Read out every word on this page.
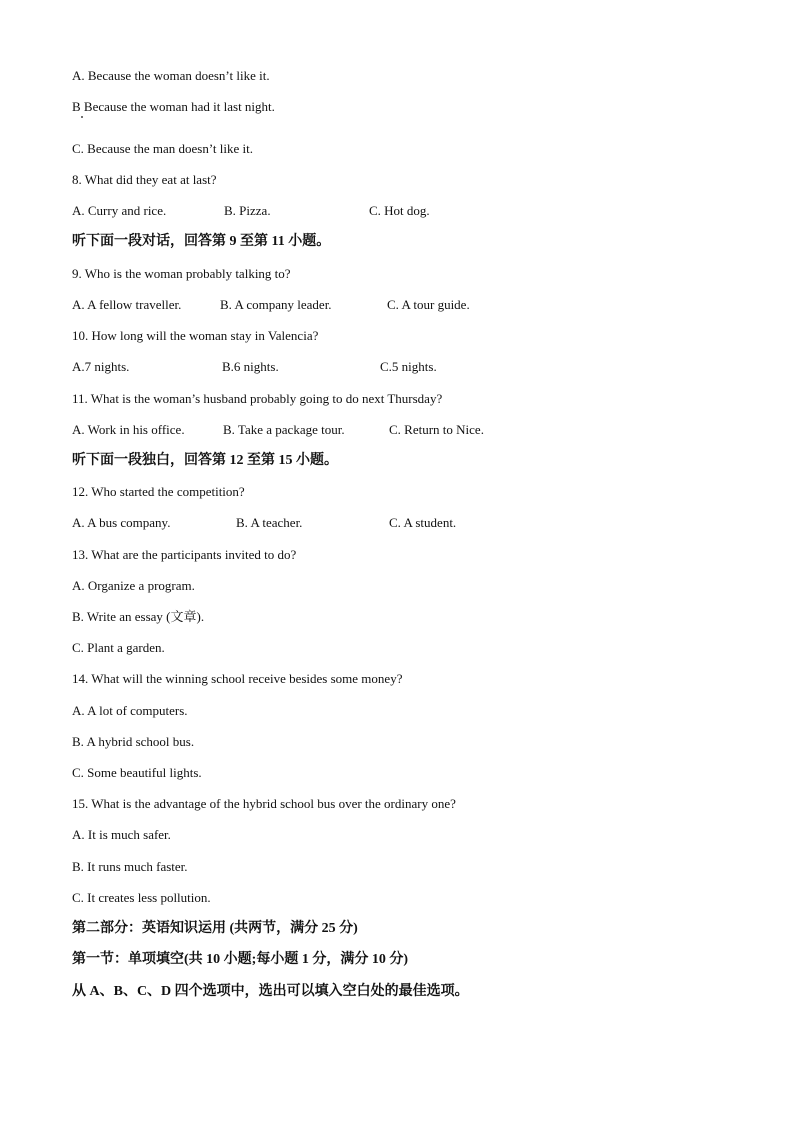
A. Because the woman doesn’t like it.
B Because the woman had it last night.
C. Because the man doesn’t like it.
8. What did they eat at last?
A. Curry and rice.	B. Pizza.	C. Hot dog.
听下面一段对话，回答第 9 至第 11 小题。
9. Who is the woman probably talking to?
A. A fellow traveller.	B. A company leader.	C. A tour guide.
10. How long will the woman stay in Valencia?
A.7 nights.	B.6 nights.	C.5 nights.
11. What is the woman’s husband probably going to do next Thursday?
A. Work in his office.	B. Take a package tour.	C. Return to Nice.
听下面一段独白，回答第 12 至第 15 小题。
12. Who started the competition?
A. A bus company.	B. A teacher.	C. A student.
13. What are the participants invited to do?
A. Organize a program.
B. Write an essay (文章).
C. Plant a garden.
14. What will the winning school receive besides some money?
A. A lot of computers.
B. A hybrid school bus.
C. Some beautiful lights.
15. What is the advantage of the hybrid school bus over the ordinary one?
A. It is much safer.
B. It runs much faster.
C. It creates less pollution.
第二部分：英语知识运用 (共两节，满分 25 分)
第一节：单项填空(共 10 小题;每小题 1 分，满分 10 分)
从 A、B、C、D 四个选项中，选出可以填入空白处的最佳选项。
